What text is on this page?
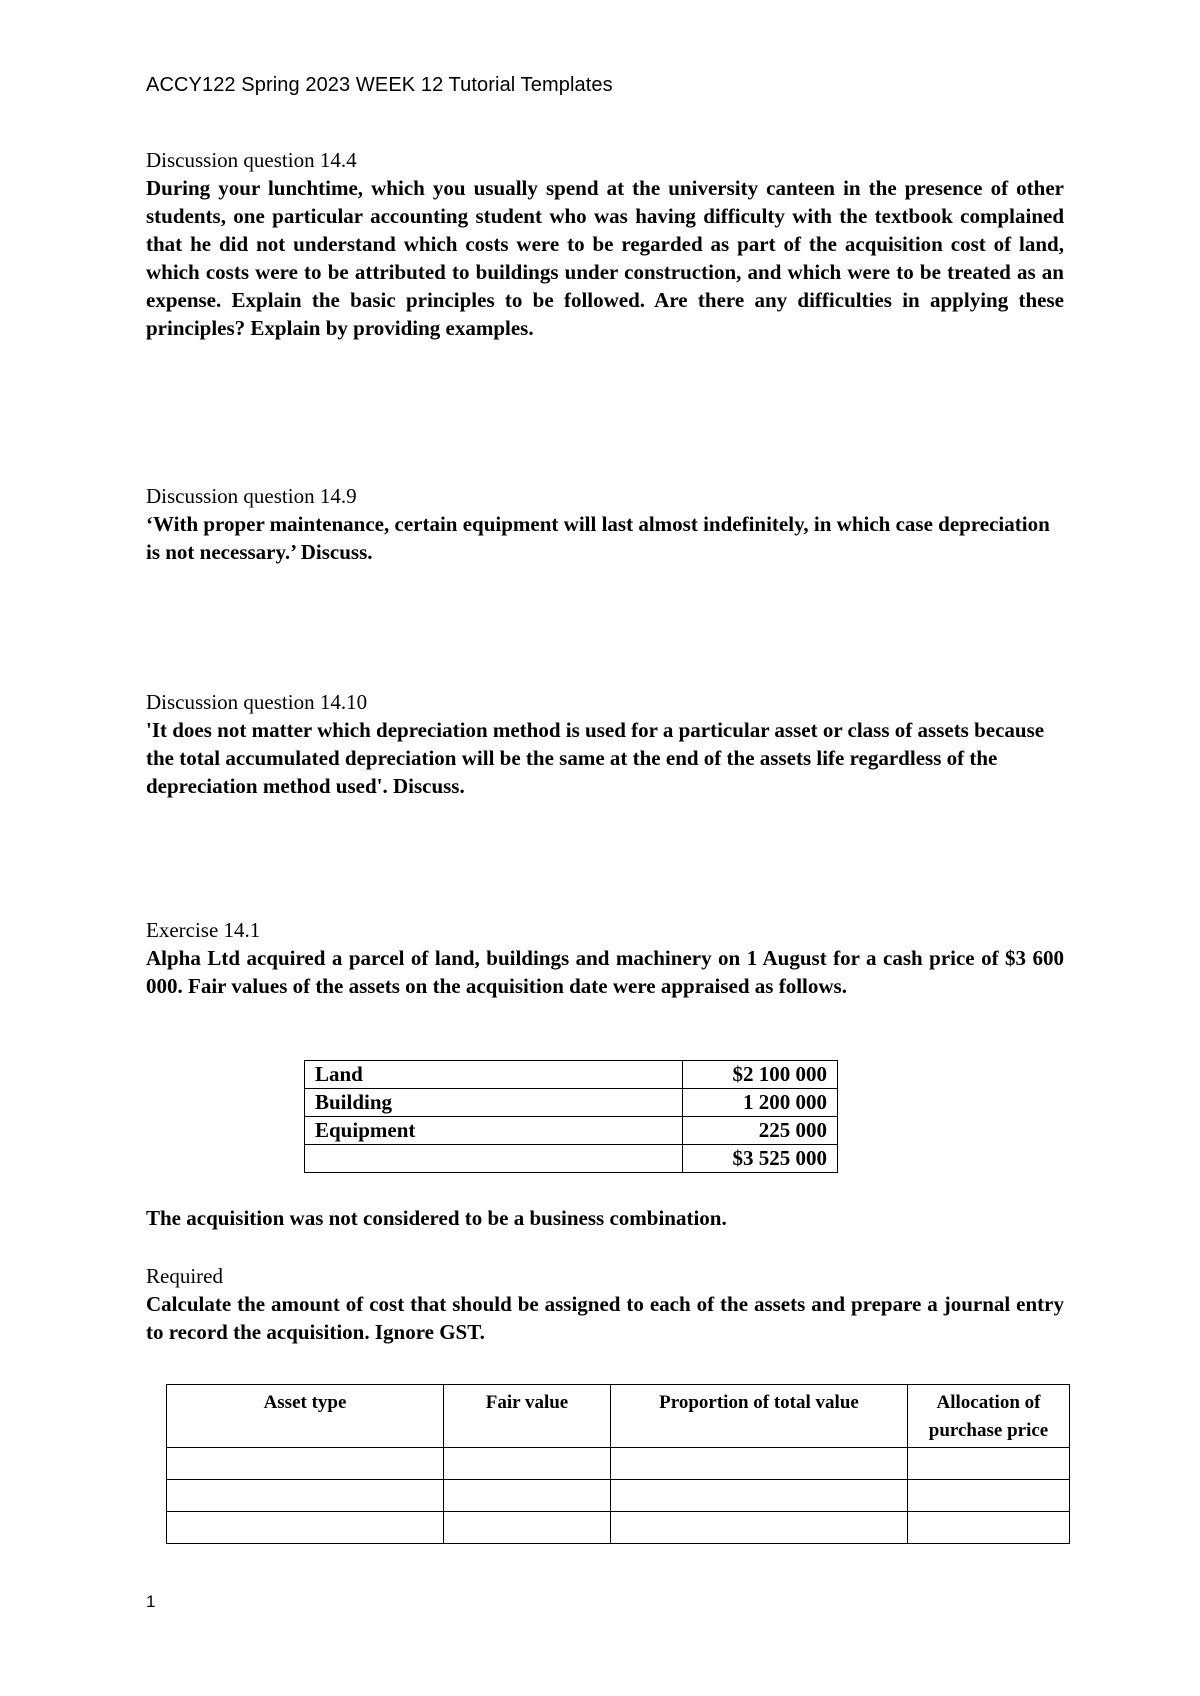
ACCY122 Spring 2023 WEEK 12 Tutorial Templates
Discussion question 14.4
During your lunchtime, which you usually spend at the university canteen in the presence of other students, one particular accounting student who was having difficulty with the textbook complained that he did not understand which costs were to be regarded as part of the acquisition cost of land, which costs were to be attributed to buildings under construction, and which were to be treated as an expense. Explain the basic principles to be followed. Are there any difficulties in applying these principles? Explain by providing examples.
Discussion question 14.9
‘With proper maintenance, certain equipment will last almost indefinitely, in which case depreciation is not necessary.’ Discuss.
Discussion question 14.10
'It does not matter which depreciation method is used for a particular asset or class of assets because the total accumulated depreciation will be the same at the end of the assets life regardless of the depreciation method used'. Discuss.
Exercise 14.1
Alpha Ltd acquired a parcel of land, buildings and machinery on 1 August for a cash price of $3 600 000. Fair values of the assets on the acquisition date were appraised as follows.
The acquisition was not considered to be a business combination.
Required
Calculate the amount of cost that should be assigned to each of the assets and prepare a journal entry to record the acquisition. Ignore GST.
Land	$2 100 000
Building	1 200 000
Equipment	225 000
	$3 525 000
Asset type	Fair value	Proportion of total value	Allocation of purchase price

1
